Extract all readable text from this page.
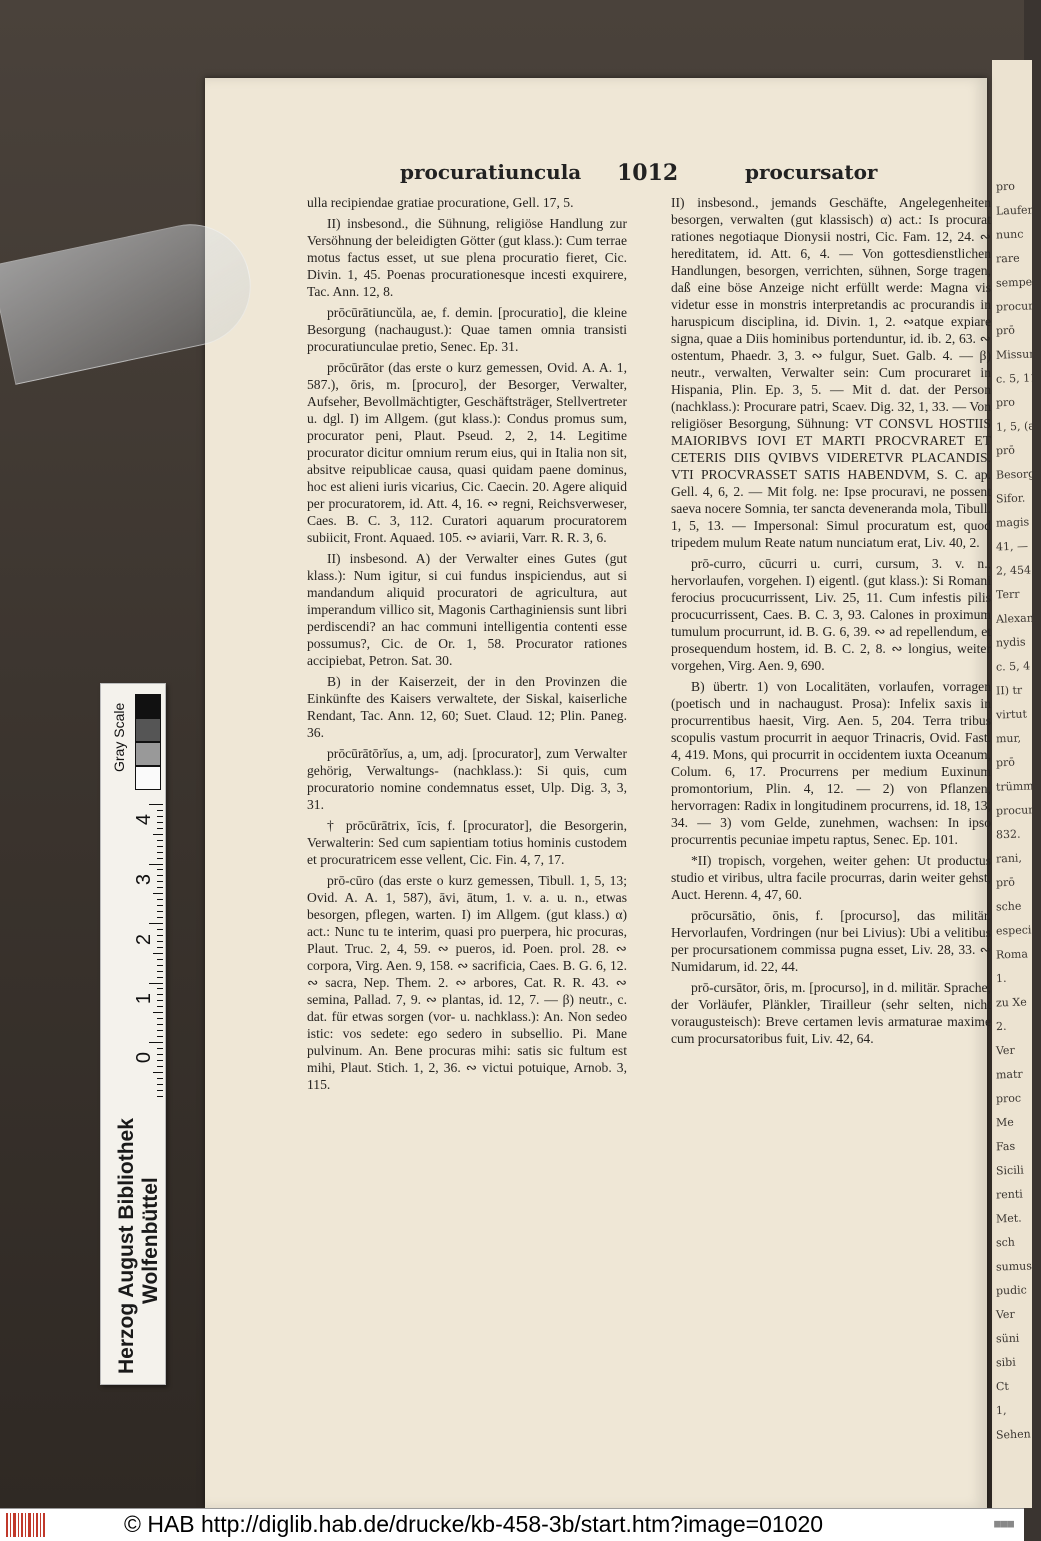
pro
Laufen
nunc
rare
semper
procur
prō
Missuri
c. 5, 11
pro
1, 5, (al
prō
Besorg
Sifor.
magis
41, —
2, 454.
Terr
Alexand
nydis
c. 5, 4
II) tr
virtut
mur,
prō
trümm
procur
832.
rani,
prō
sche
especi
Roma
1.
zu Xe
2.
Ver
matr
proc
Me
Fas
Sicili
renti
Met.
sch
sumus
pudic
Ver
süni
sibi
Ct
1,
Sehen
procuratiuncula 1012	procursator

ulla recipiendae gratiae procuratione, Gell. 17, 5.

II) insbesond., die Sühnung, religiöse Handlung zur Versöhnung der beleidigten Götter (gut klass.): Cum terrae motus factus esset, ut sue plena procuratio fieret, Cic. Divin. 1, 45. Poenas procurationesque incesti exquirere, Tac. Ann. 12, 8.

prōcūrātiuncŭla, ae, f. demin. [procuratio], die kleine Besorgung (nachaugust.): Quae tamen omnia transisti procuratiunculae pretio, Senec. Ep. 31.

prōcūrātor (das erste o kurz gemessen, Ovid. A. A. 1, 587.), ōris, m. [procuro], der Besorger, Verwalter, Aufseher, Bevollmächtigter, Geschäftsträger, Stellvertreter u. dgl. I) im Allgem. (gut klass.): Condus promus sum, procurator peni, Plaut. Pseud. 2, 2, 14. Legitime procurator dicitur omnium rerum eius, qui in Italia non sit, absitve reipublicae causa, quasi quidam paene dominus, hoc est alieni iuris vicarius, Cic. Caecin. 20. Agere aliquid per procuratorem, id. Att. 4, 16. ∾ regni, Reichsverweser, Caes. B. C. 3, 112. Curatori aquarum procuratorem subiicit, Front. Aquaed. 105. ∾ aviarii, Varr. R. R. 3, 6.

II) insbesond. A) der Verwalter eines Gutes (gut klass.): Num igitur, si cui fundus inspiciendus, aut si mandandum aliquid procuratori de agricultura, aut imperandum villico sit, Magonis Carthaginiensis sunt libri perdiscendi? an hac communi intelligentia contenti esse possumus?, Cic. de Or. 1, 58. Procurator rationes accipiebat, Petron. Sat. 30.

B) in der Kaiserzeit, der in den Provinzen die Einkünfte des Kaisers verwaltete, der Siskal, kaiserliche Rendant, Tac. Ann. 12, 60; Suet. Claud. 12; Plin. Paneg. 36.

prōcūrātōrĭus, a, um, adj. [procurator], zum Verwalter gehörig, Verwaltungs- (nachklass.): Si quis, cum procuratorio nomine condemnatus esset, Ulp. Dig. 3, 3, 31.

† prōcūrātrix, īcis, f. [procurator], die Besorgerin, Verwalterin: Sed cum sapientiam totius hominis custodem et procuratricem esse vellent, Cic. Fin. 4, 7, 17.

prō-cūro (das erste o kurz gemessen, Tibull. 1, 5, 13; Ovid. A. A. 1, 587), āvi, ātum, 1. v. a. u. n., etwas besorgen, pflegen, warten. I) im Allgem. (gut klass.) α) act.: Nunc tu te interim, quasi pro puerpera, hic procuras, Plaut. Truc. 2, 4, 59. ∾ pueros, id. Poen. prol. 28. ∾ corpora, Virg. Aen. 9, 158. ∾ sacrificia, Caes. B. G. 6, 12. ∾ sacra, Nep. Them. 2. ∾ arbores, Cat. R. R. 43. ∾ semina, Pallad. 7, 9. ∾ plantas, id. 12, 7. — β) neutr., c. dat. für etwas sorgen (vor- u. nachklass.): An. Non sedeo istic: vos sedete: ego sedero in subsellio. Pi. Mane pulvinum. An. Bene procuras mihi: satis sic fultum est mihi, Plaut. Stich. 1, 2, 36. ∾ victui potuique, Arnob. 3, 115.

II) insbesond., jemands Geschäfte, Angelegenheiten besorgen, verwalten (gut klassisch) α) act.: Is procurat rationes negotiaque Dionysii nostri, Cic. Fam. 12, 24. ∾ hereditatem, id. Att. 6, 4. — Von gottesdienstlichen Handlungen, besorgen, verrichten, sühnen, Sorge tragen, daß eine böse Anzeige nicht erfüllt werde: Magna vis videtur esse in monstris interpretandis ac procurandis in haruspicum disciplina, id. Divin. 1, 2. ∾atque expiare signa, quae a Diis hominibus portenduntur, id. ib. 2, 63. ∾ ostentum, Phaedr. 3, 3. ∾ fulgur, Suet. Galb. 4. — β) neutr., verwalten, Verwalter sein: Cum procuraret in Hispania, Plin. Ep. 3, 5. — Mit d. dat. der Person (nachklass.): Procurare patri, Scaev. Dig. 32, 1, 33. — Von religiöser Besorgung, Sühnung: VT CONSVL HOSTIIS MAIORIBVS IOVI ET MARTI PROCVRARET ET CETERIS DIIS QVIBVS VIDERETVR PLACANDIS. VTI PROCVRASSET SATIS HABENDVM, S. C. ap. Gell. 4, 6, 2. — Mit folg. ne: Ipse procuravi, ne possent saeva nocere Somnia, ter sancta deveneranda mola, Tibull. 1, 5, 13. — Impersonal: Simul procuratum est, quod tripedem mulum Reate natum nunciatum erat, Liv. 40, 2.

prō-curro, cūcurri u. curri, cursum, 3. v. n., hervorlaufen, vorgehen. I) eigentl. (gut klass.): Si Romani ferocius procucurrissent, Liv. 25, 11. Cum infestis pilis procucurrissent, Caes. B. C. 3, 93. Calones in proximum tumulum procurrunt, id. B. G. 6, 39. ∾ ad repellendum, et prosequendum hostem, id. B. C. 2, 8. ∾ longius, weiter vorgehen, Virg. Aen. 9, 690.

B) übertr. 1) von Localitäten, vorlaufen, vorragen (poetisch und in nachaugust. Prosa): Infelix saxis in procurrentibus haesit, Virg. Aen. 5, 204. Terra tribus scopulis vastum procurrit in aequor Trinacris, Ovid. Fast. 4, 419. Mons, qui procurrit in occidentem iuxta Oceanum, Colum. 6, 17. Procurrens per medium Euxinum promontorium, Plin. 4, 12. — 2) von Pflanzen, hervorragen: Radix in longitudinem procurrens, id. 18, 13, 34. — 3) vom Gelde, zunehmen, wachsen: In ipso procurrentis pecuniae impetu raptus, Senec. Ep. 101.

*II) tropisch, vorgehen, weiter gehen: Ut productus studio et viribus, ultra facile procurras, darin weiter gehst, Auct. Herenn. 4, 47, 60.

prōcursātio, ōnis, f. [procurso], das militär. Hervorlaufen, Vordringen (nur bei Livius): Ubi a velitibus per procursationem commissa pugna esset, Liv. 28, 33. ∾ Numidarum, id. 22, 44.

prō-cursātor, ōris, m. [procurso], in d. militär. Sprache, der Vorläufer, Plänkler, Tirailleur (sehr selten, nicht voraugusteisch): Breve certamen levis armaturae maxime cum procursatoribus fuit, Liv. 42, 64.

Gray Scale
4
3
2
1
0
Herzog August Bibliothek Wolfenbüttel
© HAB http://diglib.hab.de/drucke/kb-458-3b/start.htm?image=01020	■■■
